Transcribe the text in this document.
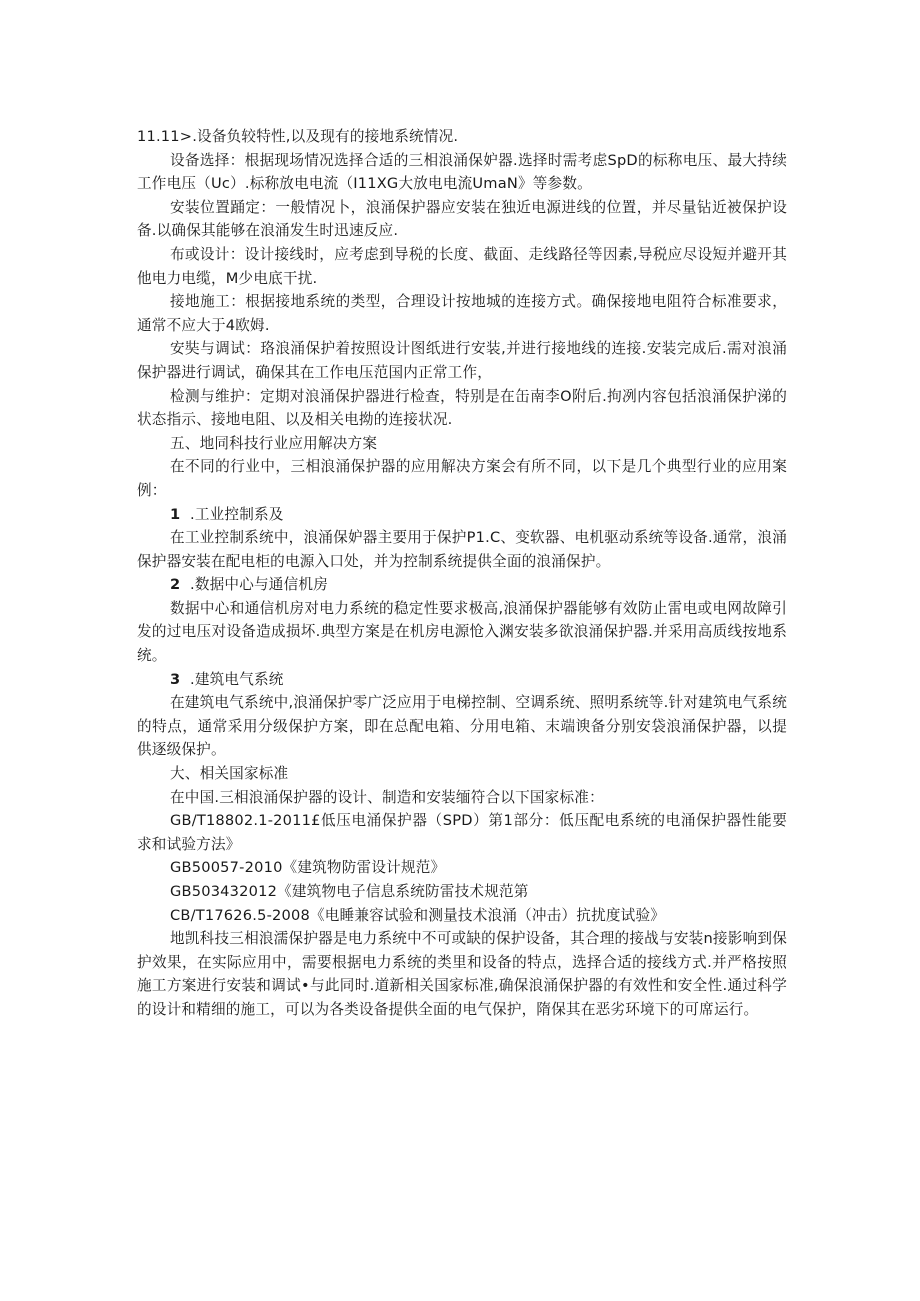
11.11>.设备负较特性,以及现有的接地系统情况.

设备选择：根据现场情况选择合适的三相浪涌保妒器.选择时需考虑SpD的标称电压、最大持续工作电压（Uc）.标称放电电流（I11XG大放电电流UmaN》等参数。

安装位置踊定：一般情况卜，浪涌保护器应安装在独近电源进线的位置，并尽量钻近被保护设备.以确保其能够在浪涌发生时迅速反应.

布或设计：设计接线时，应考虑到导税的长度、截面、走线路径等因素,导税应尽设短并避开其他电力电缆，M少电底干扰.

接地施工：根据接地系统的类型，合理设计按地城的连接方式。确保接地电阻符合标准要求，通常不应大于4欧姆.

安奘与调试：珞浪涌保护着按照设计图纸进行安装,并进行接地线的连接.安装完成后.需对浪涌保护器进行调试，确保其在工作电压范国内正常工作，

检测与维护：定期对浪涌保护器进行检查，特别是在缶南李O附后.拘冽内容包括浪涌保护涕的状态指示、接地电阻、以及相关电拗的连接状况.

五、地同科技行业应用解决方案

在不同的行业中，三相浪涌保护器的应用解决方案会有所不同，以下是几个典型行业的应用案例：

1 .工业控制系及

在工业控制系统中，浪涌保妒器主要用于保护P1.C、变软器、电机驱动系统等设备.通常，浪涌保护器安装在配电柜的电源入口处，并为控制系统提供全面的浪涌保护。

2 .数据中心与通信机房

数据中心和通信机房对电力系统的稳定性要求极高,浪涌保护器能够有效防止雷电或电网故障引发的过电压对设备造成损坏.典型方案是在机房电源怆入渊安装多欲浪涌保护器.并采用高质线按地系统。

3 .建筑电气系统

在建筑电气系统中,浪涌保护零广泛应用于电梯控制、空调系统、照明系统等.针对建筑电气系统的特点，通常采用分级保护方案，即在总配电箱、分用电箱、末端谀备分别安袋浪涌保护器，以提供逐级保护。

大、相关国家标准

在中国.三相浪涌保护器的设计、制造和安装缅符合以下国家标准：

GB/T18802.1-2011£低压电涌保护器（SPD）第1部分：低压配电系统的电涌保护器性能要求和试验方法》

GB50057-2010《建筑物防雷设计规范》

GB503432012《建筑物电子信息系统防雷技术规范第

CB/T17626.5-2008《电睡兼容试验和测量技术浪涌（冲击）抗扰度试验》

地凯科技三相浪濡保护器是电力系统中不可或缺的保护设备，其合理的接战与安装n接影响到保护效果，在实际应用中，需要根据电力系统的类里和设备的特点，选择合适的接线方式.并严格按照施工方案进行安装和调试•与此同时.道新相关国家标准,确保浪涌保护器的有效性和安全性.通过科学的设计和精细的施工，可以为各类设备提供全面的电气保护，隋保其在恶劣环境下的可席运行。
